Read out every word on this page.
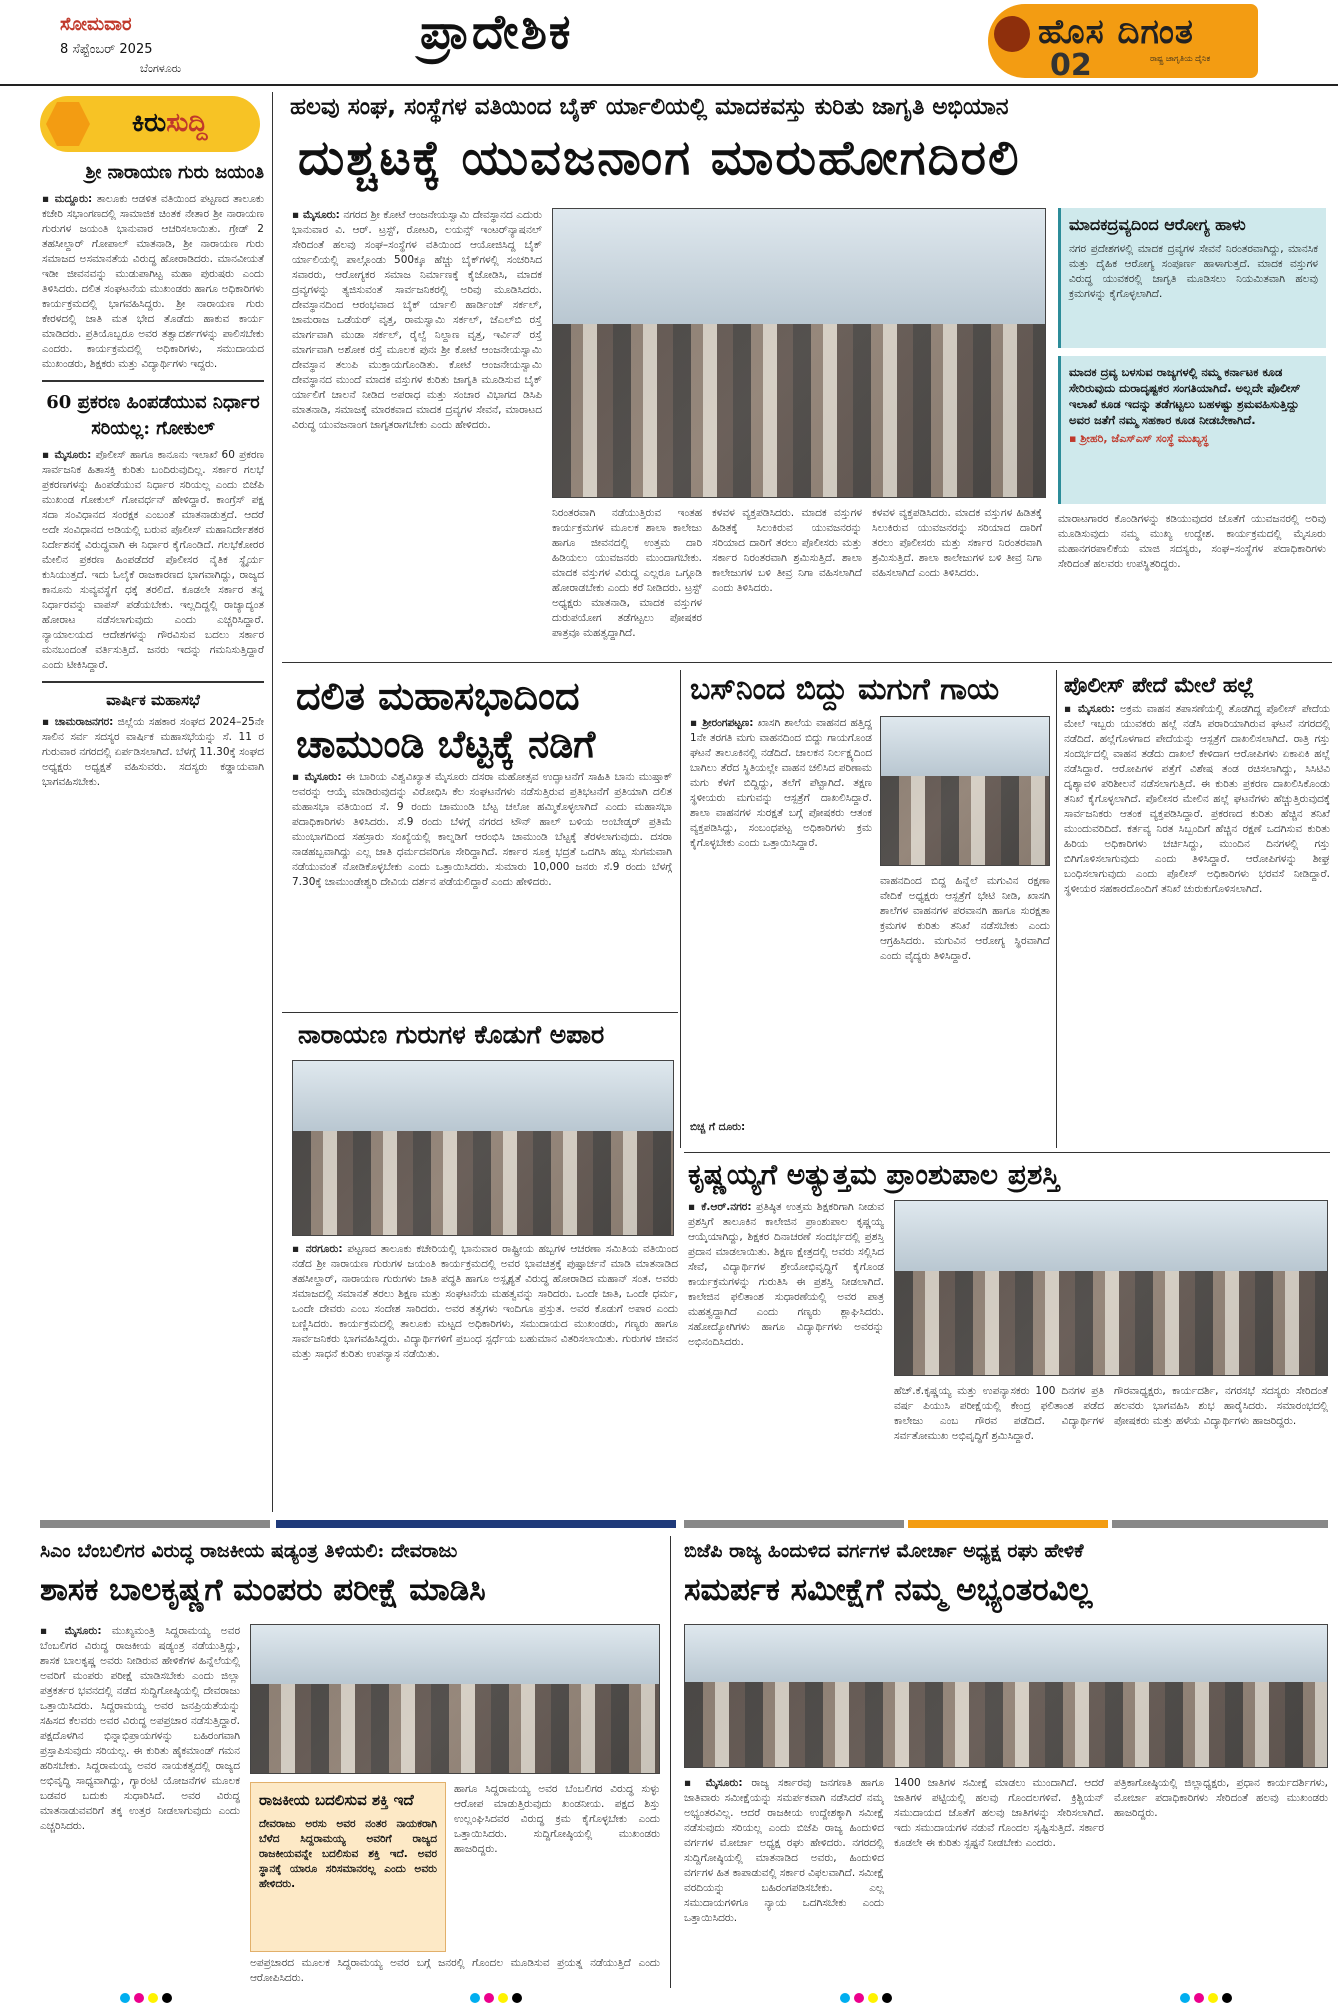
ಸೋಮವಾರ
8 ಸೆಪ್ಟೆಂಬರ್ 2025
ಬೆಂಗಳೂರು
ಪ್ರಾದೇಶಿಕ	ಹೊಸ ದಿಗಂತ
02	ರಾಷ್ಟ್ರ ಜಾಗೃತಿಯ ದೈನಿಕ
ಕಿರುಸುದ್ದಿ
ಶ್ರೀ ನಾರಾಯಣ ಗುರು ಜಯಂತಿ
▪ ಮದ್ದೂರು: ತಾಲೂಕು ಆಡಳಿತ ವತಿಯಿಂದ ಪಟ್ಟಣದ ತಾಲೂಕು ಕಚೇರಿ ಸಭಾಂಗಣದಲ್ಲಿ ಸಾಮಾಜಿಕ ಚಿಂತಕ ನೇತಾರ ಶ್ರೀ ನಾರಾಯಣ ಗುರುಗಳ ಜಯಂತಿ ಭಾನುವಾರ ಆಚರಿಸಲಾಯಿತು. ಗ್ರೇಡ್ 2 ತಹಸೀಲ್ದಾರ್ ಗೋಪಾಲ್ ಮಾತನಾಡಿ, ಶ್ರೀ ನಾರಾಯಣ ಗುರು ಸಮಾಜದ ಅಸಮಾನತೆಯ ವಿರುದ್ಧ ಹೋರಾಡಿದರು. ಮಾನವೀಯತೆ ಇಡೀ ಜೀವನವನ್ನು ಮುಡುಪಾಗಿಟ್ಟ ಮಹಾ ಪುರುಷರು ಎಂದು ತಿಳಿಸಿದರು. ದಲಿತ ಸಂಘಟನೆಯ ಮುಖಂಡರು ಹಾಗೂ ಅಧಿಕಾರಿಗಳು ಕಾರ್ಯಕ್ರಮದಲ್ಲಿ ಭಾಗವಹಿಸಿದ್ದರು. ಶ್ರೀ ನಾರಾಯಣ ಗುರು ಕೇರಳದಲ್ಲಿ ಜಾತಿ ಮತ ಭೇದ ತೊಡೆದು ಹಾಕುವ ಕಾರ್ಯ ಮಾಡಿದರು. ಪ್ರತಿಯೊಬ್ಬರೂ ಅವರ ತತ್ವಾದರ್ಶಗಳನ್ನು ಪಾಲಿಸಬೇಕು ಎಂದರು. ಕಾರ್ಯಕ್ರಮದಲ್ಲಿ ಅಧಿಕಾರಿಗಳು, ಸಮುದಾಯದ ಮುಖಂಡರು, ಶಿಕ್ಷಕರು ಮತ್ತು ವಿದ್ಯಾರ್ಥಿಗಳು ಇದ್ದರು.
60 ಪ್ರಕರಣ ಹಿಂಪಡೆಯುವ ನಿರ್ಧಾರ ಸರಿಯಲ್ಲ: ಗೋಕುಲ್
▪ ಮೈಸೂರು: ಪೊಲೀಸ್ ಹಾಗೂ ಕಾನೂನು ಇಲಾಖೆ 60 ಪ್ರಕರಣ ಸಾರ್ವಜನಿಕ ಹಿತಾಸಕ್ತಿ ಕುರಿತು ಬಂದಿರುವುದಿಲ್ಲ. ಸರ್ಕಾರ ಗಲಭೆ ಪ್ರಕರಣಗಳನ್ನು ಹಿಂಪಡೆಯುವ ನಿರ್ಧಾರ ಸರಿಯಲ್ಲ ಎಂದು ಬಿಜೆಪಿ ಮುಖಂಡ ಗೋಕುಲ್ ಗೋವರ್ಧನ್ ಹೇಳಿದ್ದಾರೆ. ಕಾಂಗ್ರೆಸ್ ಪಕ್ಷ ಸದಾ ಸಂವಿಧಾನದ ಸಂರಕ್ಷಕ ಎಂಬಂತೆ ಮಾತನಾಡುತ್ತದೆ. ಆದರೆ ಅದೇ ಸಂವಿಧಾನದ ಅಡಿಯಲ್ಲಿ ಬರುವ ಪೊಲೀಸ್ ಮಹಾನಿರ್ದೇಶಕರ ನಿರ್ದೇಶನಕ್ಕೆ ವಿರುದ್ಧವಾಗಿ ಈ ನಿರ್ಧಾರ ಕೈಗೊಂಡಿದೆ. ಗಲಭೆಕೋರರ ಮೇಲಿನ ಪ್ರಕರಣ ಹಿಂಪಡೆದರೆ ಪೊಲೀಸರ ನೈತಿಕ ಸ್ಥೈರ್ಯ ಕುಸಿಯುತ್ತದೆ. ಇದು ಓಲೈಕೆ ರಾಜಕಾರಣದ ಭಾಗವಾಗಿದ್ದು, ರಾಜ್ಯದ ಕಾನೂನು ಸುವ್ಯವಸ್ಥೆಗೆ ಧಕ್ಕೆ ತರಲಿದೆ. ಕೂಡಲೇ ಸರ್ಕಾರ ತನ್ನ ನಿರ್ಧಾರವನ್ನು ವಾಪಸ್ ಪಡೆಯಬೇಕು. ಇಲ್ಲದಿದ್ದಲ್ಲಿ ರಾಜ್ಯಾದ್ಯಂತ ಹೋರಾಟ ನಡೆಸಲಾಗುವುದು ಎಂದು ಎಚ್ಚರಿಸಿದ್ದಾರೆ. ನ್ಯಾಯಾಲಯದ ಆದೇಶಗಳನ್ನು ಗೌರವಿಸುವ ಬದಲು ಸರ್ಕಾರ ಮನಬಂದಂತೆ ವರ್ತಿಸುತ್ತಿದೆ. ಜನರು ಇದನ್ನು ಗಮನಿಸುತ್ತಿದ್ದಾರೆ ಎಂದು ಟೀಕಿಸಿದ್ದಾರೆ.
ವಾರ್ಷಿಕ ಮಹಾಸಭೆ
▪ ಚಾಮರಾಜನಗರ: ಜಿಲ್ಲೆಯ ಸಹಕಾರ ಸಂಘದ 2024–25ನೇ ಸಾಲಿನ ಸರ್ವ ಸದಸ್ಯರ ವಾರ್ಷಿಕ ಮಹಾಸಭೆಯನ್ನು ಸೆ. 11 ರ ಗುರುವಾರ ನಗರದಲ್ಲಿ ಏರ್ಪಡಿಸಲಾಗಿದೆ. ಬೆಳಗ್ಗೆ 11.30ಕ್ಕೆ ಸಂಘದ ಅಧ್ಯಕ್ಷರು ಅಧ್ಯಕ್ಷತೆ ವಹಿಸುವರು. ಸದಸ್ಯರು ಕಡ್ಡಾಯವಾಗಿ ಭಾಗವಹಿಸಬೇಕು.
ಹಲವು ಸಂಘ, ಸಂಸ್ಥೆಗಳ ವತಿಯಿಂದ ಬೈಕ್ ರ್ಯಾಲಿಯಲ್ಲಿ ಮಾದಕವಸ್ತು ಕುರಿತು ಜಾಗೃತಿ ಅಭಿಯಾನ
ದುಶ್ಚಟಕ್ಕೆ ಯುವಜನಾಂಗ ಮಾರುಹೋಗದಿರಲಿ
▪ ಮೈಸೂರು: ನಗರದ ಶ್ರೀ ಕೋಟೆ ಆಂಜನೇಯಸ್ವಾಮಿ ದೇವಸ್ಥಾನದ ಎದುರು ಭಾನುವಾರ ವಿ. ಆರ್. ಟ್ರಸ್ಟ್, ರೋಟರಿ, ಲಯನ್ಸ್ ಇಂಟರ್‌ನ್ಯಾಷನಲ್ ಸೇರಿದಂತೆ ಹಲವು ಸಂಘ–ಸಂಸ್ಥೆಗಳ ವತಿಯಿಂದ ಆಯೋಜಿಸಿದ್ದ ಬೈಕ್ ರ್ಯಾಲಿಯಲ್ಲಿ ಪಾಲ್ಗೊಂಡು 500ಕ್ಕೂ ಹೆಚ್ಚು ಬೈಕ್‌ಗಳಲ್ಲಿ ಸಂಚರಿಸಿದ ಸವಾರರು, ಆರೋಗ್ಯಕರ ಸಮಾಜ ನಿರ್ಮಾಣಕ್ಕೆ ಕೈಜೋಡಿಸಿ, ಮಾದಕ ದ್ರವ್ಯಗಳನ್ನು ತ್ಯಜಿಸುವಂತೆ ಸಾರ್ವಜನಿಕರಲ್ಲಿ ಅರಿವು ಮೂಡಿಸಿದರು. ದೇವಸ್ಥಾನದಿಂದ ಆರಂಭವಾದ ಬೈಕ್ ರ್ಯಾಲಿ ಹಾರ್ಡಿಂಜ್ ಸರ್ಕಲ್, ಚಾಮರಾಜ ಒಡೆಯರ್ ವೃತ್ತ, ರಾಮಸ್ವಾಮಿ ಸರ್ಕಲ್, ಜೆಎಲ್‌ಬಿ ರಸ್ತೆ ಮಾರ್ಗವಾಗಿ ಮುಡಾ ಸರ್ಕಲ್, ರೈಲ್ವೆ ನಿಲ್ದಾಣ ವೃತ್ತ, ಇರ್ವಿನ್ ರಸ್ತೆ ಮಾರ್ಗವಾಗಿ ಅಶೋಕ ರಸ್ತೆ ಮೂಲಕ ಪುನಃ ಶ್ರೀ ಕೋಟೆ ಆಂಜನೇಯಸ್ವಾಮಿ ದೇವಸ್ಥಾನ ತಲುಪಿ ಮುಕ್ತಾಯಗೊಂಡಿತು. ಕೋಟೆ ಆಂಜನೇಯಸ್ವಾಮಿ ದೇವಸ್ಥಾನದ ಮುಂದೆ ಮಾದಕ ವಸ್ತುಗಳ ಕುರಿತು ಜಾಗೃತಿ ಮೂಡಿಸುವ ಬೈಕ್ ರ್ಯಾಲಿಗೆ ಚಾಲನೆ ನೀಡಿದ ಅಪರಾಧ ಮತ್ತು ಸಂಚಾರ ವಿಭಾಗದ ಡಿಸಿಪಿ ಮಾತನಾಡಿ, ಸಮಾಜಕ್ಕೆ ಮಾರಕವಾದ ಮಾದಕ ದ್ರವ್ಯಗಳ ಸೇವನೆ, ಮಾರಾಟದ ವಿರುದ್ಧ ಯುವಜನಾಂಗ ಜಾಗೃತರಾಗಬೇಕು ಎಂದು ಹೇಳಿದರು.
ನಿರಂತರವಾಗಿ ನಡೆಯುತ್ತಿರುವ ಇಂತಹ ಕಾರ್ಯಕ್ರಮಗಳ ಮೂಲಕ ಶಾಲಾ ಕಾಲೇಜು ಹಾಗೂ ಜೀವನದಲ್ಲಿ ಉತ್ತಮ ದಾರಿ ಹಿಡಿಯಲು ಯುವಜನರು ಮುಂದಾಗಬೇಕು. ಮಾದಕ ವಸ್ತುಗಳ ವಿರುದ್ಧ ಎಲ್ಲರೂ ಒಗ್ಗೂಡಿ ಹೋರಾಡಬೇಕು ಎಂದು ಕರೆ ನೀಡಿದರು. ಟ್ರಸ್ಟ್ ಅಧ್ಯಕ್ಷರು ಮಾತನಾಡಿ, ಮಾದಕ ವಸ್ತುಗಳ ದುರುಪಯೋಗ ತಡೆಗಟ್ಟಲು ಪೋಷಕರ ಪಾತ್ರವೂ ಮಹತ್ವದ್ದಾಗಿದೆ.
ಕಳವಳ ವ್ಯಕ್ತಪಡಿಸಿದರು. ಮಾದಕ ವಸ್ತುಗಳ ಹಿಡಿತಕ್ಕೆ ಸಿಲುಕಿರುವ ಯುವಜನರನ್ನು ಸರಿಯಾದ ದಾರಿಗೆ ತರಲು ಪೊಲೀಸರು ಮತ್ತು ಸರ್ಕಾರ ನಿರಂತರವಾಗಿ ಶ್ರಮಿಸುತ್ತಿದೆ. ಶಾಲಾ ಕಾಲೇಜುಗಳ ಬಳಿ ತೀವ್ರ ನಿಗಾ ವಹಿಸಲಾಗಿದೆ ಎಂದು ತಿಳಿಸಿದರು.
ಕಳವಳ ವ್ಯಕ್ತಪಡಿಸಿದರು. ಮಾದಕ ವಸ್ತುಗಳ ಹಿಡಿತಕ್ಕೆ ಸಿಲುಕಿರುವ ಯುವಜನರನ್ನು ಸರಿಯಾದ ದಾರಿಗೆ ತರಲು ಪೊಲೀಸರು ಮತ್ತು ಸರ್ಕಾರ ನಿರಂತರವಾಗಿ ಶ್ರಮಿಸುತ್ತಿದೆ. ಶಾಲಾ ಕಾಲೇಜುಗಳ ಬಳಿ ತೀವ್ರ ನಿಗಾ ವಹಿಸಲಾಗಿದೆ ಎಂದು ತಿಳಿಸಿದರು.
ಮಾರಾಟಗಾರರ ಕೊಂಡಿಗಳನ್ನು ಕಡಿಯುವುದರ ಜೊತೆಗೆ ಯುವಜನರಲ್ಲಿ ಅರಿವು ಮೂಡಿಸುವುದು ನಮ್ಮ ಮುಖ್ಯ ಉದ್ದೇಶ. ಕಾರ್ಯಕ್ರಮದಲ್ಲಿ ಮೈಸೂರು ಮಹಾನಗರಪಾಲಿಕೆಯ ಮಾಜಿ ಸದಸ್ಯರು, ಸಂಘ–ಸಂಸ್ಥೆಗಳ ಪದಾಧಿಕಾರಿಗಳು ಸೇರಿದಂತೆ ಹಲವರು ಉಪಸ್ಥಿತರಿದ್ದರು.
ಮಾದಕದ್ರವ್ಯದಿಂದ ಆರೋಗ್ಯ ಹಾಳು
ನಗರ ಪ್ರದೇಶಗಳಲ್ಲಿ ಮಾದಕ ದ್ರವ್ಯಗಳ ಸೇವನೆ ನಿರಂತರವಾಗಿದ್ದು, ಮಾನಸಿಕ ಮತ್ತು ದೈಹಿಕ ಆರೋಗ್ಯ ಸಂಪೂರ್ಣ ಹಾಳಾಗುತ್ತದೆ. ಮಾದಕ ವಸ್ತುಗಳ ವಿರುದ್ಧ ಯುವಕರಲ್ಲಿ ಜಾಗೃತಿ ಮೂಡಿಸಲು ನಿಯಮಿತವಾಗಿ ಹಲವು ಕ್ರಮಗಳನ್ನು ಕೈಗೊಳ್ಳಲಾಗಿದೆ.
ಮಾದಕ ದ್ರವ್ಯ ಬಳಸುವ ರಾಜ್ಯಗಳಲ್ಲಿ ನಮ್ಮ ಕರ್ನಾಟಕ ಕೂಡ ಸೇರಿರುವುದು ದುರಾದೃಷ್ಟಕರ ಸಂಗತಿಯಾಗಿದೆ. ಅಲ್ಲದೇ ಪೊಲೀಸ್ ಇಲಾಖೆ ಕೂಡ ಇದನ್ನು ತಡೆಗಟ್ಟಲು ಬಹಳಷ್ಟು ಶ್ರಮವಹಿಸುತ್ತಿದ್ದು ಅವರ ಜತೆಗೆ ನಮ್ಮ ಸಹಕಾರ ಕೂಡ ನೀಡಬೇಕಾಗಿದೆ.
▪ ಶ್ರೀಹರಿ, ಜೆಎಸ್ಎಸ್ ಸಂಸ್ಥೆ ಮುಖ್ಯಸ್ಥ
ದಲಿತ ಮಹಾಸಭಾದಿಂದ ಚಾಮುಂಡಿ ಬೆಟ್ಟಕ್ಕೆ ನಡಿಗೆ
▪ ಮೈಸೂರು: ಈ ಬಾರಿಯ ವಿಶ್ವವಿಖ್ಯಾತ ಮೈಸೂರು ದಸರಾ ಮಹೋತ್ಸವ ಉದ್ಘಾಟನೆಗೆ ಸಾಹಿತಿ ಬಾನು ಮುಷ್ತಾಕ್ ಅವರನ್ನು ಆಯ್ಕೆ ಮಾಡಿರುವುದನ್ನು ವಿರೋಧಿಸಿ ಕೆಲ ಸಂಘಟನೆಗಳು ನಡೆಸುತ್ತಿರುವ ಪ್ರತಿಭಟನೆಗೆ ಪ್ರತಿಯಾಗಿ ದಲಿತ ಮಹಾಸಭಾ ವತಿಯಿಂದ ಸೆ. 9 ರಂದು ಚಾಮುಂಡಿ ಬೆಟ್ಟ ಚಲೋ ಹಮ್ಮಿಕೊಳ್ಳಲಾಗಿದೆ ಎಂದು ಮಹಾಸಭಾ ಪದಾಧಿಕಾರಿಗಳು ತಿಳಿಸಿದರು. ಸೆ.9 ರಂದು ಬೆಳಗ್ಗೆ ನಗರದ ಟೌನ್ ಹಾಲ್ ಬಳಿಯ ಅಂಬೇಡ್ಕರ್ ಪ್ರತಿಮೆ ಮುಂಭಾಗದಿಂದ ಸಹಸ್ರಾರು ಸಂಖ್ಯೆಯಲ್ಲಿ ಕಾಲ್ನಡಿಗೆ ಆರಂಭಿಸಿ ಚಾಮುಂಡಿ ಬೆಟ್ಟಕ್ಕೆ ತೆರಳಲಾಗುವುದು. ದಸರಾ ನಾಡಹಬ್ಬವಾಗಿದ್ದು ಎಲ್ಲ ಜಾತಿ ಧರ್ಮದವರಿಗೂ ಸೇರಿದ್ದಾಗಿದೆ. ಸರ್ಕಾರ ಸೂಕ್ತ ಭದ್ರತೆ ಒದಗಿಸಿ ಹಬ್ಬ ಸುಗಮವಾಗಿ ನಡೆಯುವಂತೆ ನೋಡಿಕೊಳ್ಳಬೇಕು ಎಂದು ಒತ್ತಾಯಿಸಿದರು. ಸುಮಾರು 10,000 ಜನರು ಸೆ.9 ರಂದು ಬೆಳಗ್ಗೆ 7.30ಕ್ಕೆ ಚಾಮುಂಡೇಶ್ವರಿ ದೇವಿಯ ದರ್ಶನ ಪಡೆಯಲಿದ್ದಾರೆ ಎಂದು ಹೇಳಿದರು.
ಬಸ್‌ನಿಂದ ಬಿದ್ದು ಮಗುಗೆ ಗಾಯ
▪ ಶ್ರೀರಂಗಪಟ್ಟಣ: ಖಾಸಗಿ ಶಾಲೆಯ ವಾಹನದ ಹತ್ತಿದ್ದ 1ನೇ ತರಗತಿ ಮಗು ವಾಹನದಿಂದ ಬಿದ್ದು ಗಾಯಗೊಂಡ ಘಟನೆ ತಾಲೂಕಿನಲ್ಲಿ ನಡೆದಿದೆ. ಚಾಲಕನ ನಿರ್ಲಕ್ಷ್ಯದಿಂದ ಬಾಗಿಲು ತೆರೆದ ಸ್ಥಿತಿಯಲ್ಲೇ ವಾಹನ ಚಲಿಸಿದ ಪರಿಣಾಮ ಮಗು ಕೆಳಗೆ ಬಿದ್ದಿದ್ದು, ತಲೆಗೆ ಪೆಟ್ಟಾಗಿದೆ. ತಕ್ಷಣ ಸ್ಥಳೀಯರು ಮಗುವನ್ನು ಆಸ್ಪತ್ರೆಗೆ ದಾಖಲಿಸಿದ್ದಾರೆ. ಶಾಲಾ ವಾಹನಗಳ ಸುರಕ್ಷತೆ ಬಗ್ಗೆ ಪೋಷಕರು ಆತಂಕ ವ್ಯಕ್ತಪಡಿಸಿದ್ದು, ಸಂಬಂಧಪಟ್ಟ ಅಧಿಕಾರಿಗಳು ಕ್ರಮ ಕೈಗೊಳ್ಳಬೇಕು ಎಂದು ಒತ್ತಾಯಿಸಿದ್ದಾರೆ.
ವಾಹನದಿಂದ ಬಿದ್ದ ಹಿನ್ನೆಲೆ ಮಗುವಿನ ರಕ್ಷಣಾ ವೇದಿಕೆ ಅಧ್ಯಕ್ಷರು ಆಸ್ಪತ್ರೆಗೆ ಭೇಟಿ ನೀಡಿ, ಖಾಸಗಿ ಶಾಲೆಗಳ ವಾಹನಗಳ ಪರವಾನಗಿ ಹಾಗೂ ಸುರಕ್ಷತಾ ಕ್ರಮಗಳ ಕುರಿತು ತನಿಖೆ ನಡೆಸಬೇಕು ಎಂದು ಆಗ್ರಹಿಸಿದರು. ಮಗುವಿನ ಆರೋಗ್ಯ ಸ್ಥಿರವಾಗಿದೆ ಎಂದು ವೈದ್ಯರು ತಿಳಿಸಿದ್ದಾರೆ.
ಬಿಚ್ಚ ಗೆ ದೂರು:
ಪೊಲೀಸ್ ಪೇದೆ ಮೇಲೆ ಹಲ್ಲೆ
▪ ಮೈಸೂರು: ಅಕ್ರಮ ವಾಹನ ತಪಾಸಣೆಯಲ್ಲಿ ತೊಡಗಿದ್ದ ಪೊಲೀಸ್ ಪೇದೆಯ ಮೇಲೆ ಇಬ್ಬರು ಯುವಕರು ಹಲ್ಲೆ ನಡೆಸಿ ಪರಾರಿಯಾಗಿರುವ ಘಟನೆ ನಗರದಲ್ಲಿ ನಡೆದಿದೆ. ಹಲ್ಲೆಗೊಳಗಾದ ಪೇದೆಯನ್ನು ಆಸ್ಪತ್ರೆಗೆ ದಾಖಲಿಸಲಾಗಿದೆ. ರಾತ್ರಿ ಗಸ್ತು ಸಂದರ್ಭದಲ್ಲಿ ವಾಹನ ತಡೆದು ದಾಖಲೆ ಕೇಳಿದಾಗ ಆರೋಪಿಗಳು ಏಕಾಏಕಿ ಹಲ್ಲೆ ನಡೆಸಿದ್ದಾರೆ. ಆರೋಪಿಗಳ ಪತ್ತೆಗೆ ವಿಶೇಷ ತಂಡ ರಚಿಸಲಾಗಿದ್ದು, ಸಿಸಿಟಿವಿ ದೃಶ್ಯಾವಳಿ ಪರಿಶೀಲನೆ ನಡೆಸಲಾಗುತ್ತಿದೆ. ಈ ಕುರಿತು ಪ್ರಕರಣ ದಾಖಲಿಸಿಕೊಂಡು ತನಿಖೆ ಕೈಗೊಳ್ಳಲಾಗಿದೆ. ಪೊಲೀಸರ ಮೇಲಿನ ಹಲ್ಲೆ ಘಟನೆಗಳು ಹೆಚ್ಚುತ್ತಿರುವುದಕ್ಕೆ ಸಾರ್ವಜನಿಕರು ಆತಂಕ ವ್ಯಕ್ತಪಡಿಸಿದ್ದಾರೆ. ಪ್ರಕರಣದ ಕುರಿತು ಹೆಚ್ಚಿನ ತನಿಖೆ ಮುಂದುವರಿದಿದೆ. ಕರ್ತವ್ಯ ನಿರತ ಸಿಬ್ಬಂದಿಗೆ ಹೆಚ್ಚಿನ ರಕ್ಷಣೆ ಒದಗಿಸುವ ಕುರಿತು ಹಿರಿಯ ಅಧಿಕಾರಿಗಳು ಚರ್ಚಿಸಿದ್ದು, ಮುಂದಿನ ದಿನಗಳಲ್ಲಿ ಗಸ್ತು ಬಿಗಿಗೊಳಿಸಲಾಗುವುದು ಎಂದು ತಿಳಿಸಿದ್ದಾರೆ. ಆರೋಪಿಗಳನ್ನು ಶೀಘ್ರ ಬಂಧಿಸಲಾಗುವುದು ಎಂದು ಪೊಲೀಸ್ ಅಧಿಕಾರಿಗಳು ಭರವಸೆ ನೀಡಿದ್ದಾರೆ. ಸ್ಥಳೀಯರ ಸಹಕಾರದೊಂದಿಗೆ ತನಿಖೆ ಚುರುಕುಗೊಳಿಸಲಾಗಿದೆ.
ನಾರಾಯಣ ಗುರುಗಳ ಕೊಡುಗೆ ಅಪಾರ
▪ ನರಗೂರು: ಪಟ್ಟಣದ ತಾಲೂಕು ಕಚೇರಿಯಲ್ಲಿ ಭಾನುವಾರ ರಾಷ್ಟ್ರೀಯ ಹಬ್ಬಗಳ ಆಚರಣಾ ಸಮಿತಿಯ ವತಿಯಿಂದ ನಡೆದ ಶ್ರೀ ನಾರಾಯಣ ಗುರುಗಳ ಜಯಂತಿ ಕಾರ್ಯಕ್ರಮದಲ್ಲಿ ಅವರ ಭಾವಚಿತ್ರಕ್ಕೆ ಪುಷ್ಪಾರ್ಚನೆ ಮಾಡಿ ಮಾತನಾಡಿದ ತಹಸೀಲ್ದಾರ್, ನಾರಾಯಣ ಗುರುಗಳು ಜಾತಿ ಪದ್ಧತಿ ಹಾಗೂ ಅಸ್ಪೃಶ್ಯತೆ ವಿರುದ್ಧ ಹೋರಾಡಿದ ಮಹಾನ್ ಸಂತ. ಅವರು ಸಮಾಜದಲ್ಲಿ ಸಮಾನತೆ ತರಲು ಶಿಕ್ಷಣ ಮತ್ತು ಸಂಘಟನೆಯ ಮಹತ್ವವನ್ನು ಸಾರಿದರು. ಒಂದೇ ಜಾತಿ, ಒಂದೇ ಧರ್ಮ, ಒಂದೇ ದೇವರು ಎಂಬ ಸಂದೇಶ ಸಾರಿದರು. ಅವರ ತತ್ವಗಳು ಇಂದಿಗೂ ಪ್ರಸ್ತುತ. ಅವರ ಕೊಡುಗೆ ಅಪಾರ ಎಂದು ಬಣ್ಣಿಸಿದರು. ಕಾರ್ಯಕ್ರಮದಲ್ಲಿ ತಾಲೂಕು ಮಟ್ಟದ ಅಧಿಕಾರಿಗಳು, ಸಮುದಾಯದ ಮುಖಂಡರು, ಗಣ್ಯರು ಹಾಗೂ ಸಾರ್ವಜನಿಕರು ಭಾಗವಹಿಸಿದ್ದರು. ವಿದ್ಯಾರ್ಥಿಗಳಿಗೆ ಪ್ರಬಂಧ ಸ್ಪರ್ಧೆಯ ಬಹುಮಾನ ವಿತರಿಸಲಾಯಿತು. ಗುರುಗಳ ಜೀವನ ಮತ್ತು ಸಾಧನೆ ಕುರಿತು ಉಪನ್ಯಾಸ ನಡೆಯಿತು.
ಕೃಷ್ಣಯ್ಯಗೆ ಅತ್ಯುತ್ತಮ ಪ್ರಾಂಶುಪಾಲ ಪ್ರಶಸ್ತಿ
▪ ಕೆ.ಆರ್.ನಗರ: ಪ್ರತಿಷ್ಠಿತ ಉತ್ತಮ ಶಿಕ್ಷಕರಿಗಾಗಿ ನೀಡುವ ಪ್ರಶಸ್ತಿಗೆ ತಾಲೂಕಿನ ಕಾಲೇಜಿನ ಪ್ರಾಂಶುಪಾಲ ಕೃಷ್ಣಯ್ಯ ಆಯ್ಕೆಯಾಗಿದ್ದು, ಶಿಕ್ಷಕರ ದಿನಾಚರಣೆ ಸಂದರ್ಭದಲ್ಲಿ ಪ್ರಶಸ್ತಿ ಪ್ರದಾನ ಮಾಡಲಾಯಿತು. ಶಿಕ್ಷಣ ಕ್ಷೇತ್ರದಲ್ಲಿ ಅವರು ಸಲ್ಲಿಸಿದ ಸೇವೆ, ವಿದ್ಯಾರ್ಥಿಗಳ ಶ್ರೇಯೋಭಿವೃದ್ಧಿಗೆ ಕೈಗೊಂಡ ಕಾರ್ಯಕ್ರಮಗಳನ್ನು ಗುರುತಿಸಿ ಈ ಪ್ರಶಸ್ತಿ ನೀಡಲಾಗಿದೆ. ಕಾಲೇಜಿನ ಫಲಿತಾಂಶ ಸುಧಾರಣೆಯಲ್ಲಿ ಅವರ ಪಾತ್ರ ಮಹತ್ವದ್ದಾಗಿದೆ ಎಂದು ಗಣ್ಯರು ಶ್ಲಾಘಿಸಿದರು. ಸಹೋದ್ಯೋಗಿಗಳು ಹಾಗೂ ವಿದ್ಯಾರ್ಥಿಗಳು ಅವರನ್ನು ಅಭಿನಂದಿಸಿದರು.
ಹೆಚ್.ಕೆ.ಕೃಷ್ಣಯ್ಯ ಮತ್ತು ಉಪನ್ಯಾಸಕರು 100 ದಿನಗಳ ಪ್ರತಿ ವರ್ಷ ಪಿಯುಸಿ ಪರೀಕ್ಷೆಯಲ್ಲಿ ಕೇಂದ್ರ ಫಲಿತಾಂಶ ಪಡೆದ ಕಾಲೇಜು ಎಂಬ ಗೌರವ ಪಡೆದಿದೆ. ವಿದ್ಯಾರ್ಥಿಗಳ ಸರ್ವತೋಮುಖ ಅಭಿವೃದ್ಧಿಗೆ ಶ್ರಮಿಸಿದ್ದಾರೆ.
ಗೌರವಾಧ್ಯಕ್ಷರು, ಕಾರ್ಯದರ್ಶಿ, ನಗರಸಭೆ ಸದಸ್ಯರು ಸೇರಿದಂತೆ ಹಲವರು ಭಾಗವಹಿಸಿ ಶುಭ ಹಾರೈಸಿದರು. ಸಮಾರಂಭದಲ್ಲಿ ಪೋಷಕರು ಮತ್ತು ಹಳೆಯ ವಿದ್ಯಾರ್ಥಿಗಳು ಹಾಜರಿದ್ದರು.
ಸಿಎಂ ಬೆಂಬಲಿಗರ ವಿರುದ್ಧ ರಾಜಕೀಯ ಷಡ್ಯಂತ್ರ ತಿಳಿಯಲಿ: ದೇವರಾಜು
ಶಾಸಕ ಬಾಲಕೃಷ್ಣಗೆ ಮಂಪರು ಪರೀಕ್ಷೆ ಮಾಡಿಸಿ
▪ ಮೈಸೂರು: ಮುಖ್ಯಮಂತ್ರಿ ಸಿದ್ದರಾಮಯ್ಯ ಅವರ ಬೆಂಬಲಿಗರ ವಿರುದ್ಧ ರಾಜಕೀಯ ಷಡ್ಯಂತ್ರ ನಡೆಯುತ್ತಿದ್ದು, ಶಾಸಕ ಬಾಲಕೃಷ್ಣ ಅವರು ನೀಡಿರುವ ಹೇಳಿಕೆಗಳ ಹಿನ್ನೆಲೆಯಲ್ಲಿ ಅವರಿಗೆ ಮಂಪರು ಪರೀಕ್ಷೆ ಮಾಡಿಸಬೇಕು ಎಂದು ಜಿಲ್ಲಾ ಪತ್ರಕರ್ತರ ಭವನದಲ್ಲಿ ನಡೆದ ಸುದ್ದಿಗೋಷ್ಠಿಯಲ್ಲಿ ದೇವರಾಜು ಒತ್ತಾಯಿಸಿದರು. ಸಿದ್ದರಾಮಯ್ಯ ಅವರ ಜನಪ್ರಿಯತೆಯನ್ನು ಸಹಿಸದ ಕೆಲವರು ಅವರ ವಿರುದ್ಧ ಅಪಪ್ರಚಾರ ನಡೆಸುತ್ತಿದ್ದಾರೆ. ಪಕ್ಷದೊಳಗಿನ ಭಿನ್ನಾಭಿಪ್ರಾಯಗಳನ್ನು ಬಹಿರಂಗವಾಗಿ ಪ್ರಸ್ತಾಪಿಸುವುದು ಸರಿಯಲ್ಲ. ಈ ಕುರಿತು ಹೈಕಮಾಂಡ್ ಗಮನ ಹರಿಸಬೇಕು. ಸಿದ್ದರಾಮಯ್ಯ ಅವರ ನಾಯಕತ್ವದಲ್ಲಿ ರಾಜ್ಯದ ಅಭಿವೃದ್ಧಿ ಸಾಧ್ಯವಾಗಿದ್ದು, ಗ್ಯಾರಂಟಿ ಯೋಜನೆಗಳ ಮೂಲಕ ಬಡವರ ಬದುಕು ಸುಧಾರಿಸಿದೆ. ಅವರ ವಿರುದ್ಧ ಮಾತನಾಡುವವರಿಗೆ ತಕ್ಕ ಉತ್ತರ ನೀಡಲಾಗುವುದು ಎಂದು ಎಚ್ಚರಿಸಿದರು.
ರಾಜಕೀಯ ಬದಲಿಸುವ ಶಕ್ತಿ ಇದೆ
ದೇವರಾಜು ಅರಸು ಅವರ ನಂತರ ನಾಯಕರಾಗಿ ಬೆಳೆದ ಸಿದ್ದರಾಮಯ್ಯ ಅವರಿಗೆ ರಾಜ್ಯದ ರಾಜಕೀಯವನ್ನೇ ಬದಲಿಸುವ ಶಕ್ತಿ ಇದೆ. ಅವರ ಸ್ಥಾನಕ್ಕೆ ಯಾರೂ ಸರಿಸಮಾನರಲ್ಲ ಎಂದು ಅವರು ಹೇಳಿದರು.
ಹಾಗೂ ಸಿದ್ದರಾಮಯ್ಯ ಅವರ ಬೆಂಬಲಿಗರ ವಿರುದ್ಧ ಸುಳ್ಳು ಆರೋಪ ಮಾಡುತ್ತಿರುವುದು ಖಂಡನೀಯ. ಪಕ್ಷದ ಶಿಸ್ತು ಉಲ್ಲಂಘಿಸಿದವರ ವಿರುದ್ಧ ಕ್ರಮ ಕೈಗೊಳ್ಳಬೇಕು ಎಂದು ಒತ್ತಾಯಿಸಿದರು. ಸುದ್ದಿಗೋಷ್ಠಿಯಲ್ಲಿ ಮುಖಂಡರು ಹಾಜರಿದ್ದರು.
ಅಪಪ್ರಚಾರದ ಮೂಲಕ ಸಿದ್ದರಾಮಯ್ಯ ಅವರ ಬಗ್ಗೆ ಜನರಲ್ಲಿ ಗೊಂದಲ ಮೂಡಿಸುವ ಪ್ರಯತ್ನ ನಡೆಯುತ್ತಿದೆ ಎಂದು ಆರೋಪಿಸಿದರು.
ಬಿಜೆಪಿ ರಾಜ್ಯ ಹಿಂದುಳಿದ ವರ್ಗಗಳ ಮೋರ್ಚಾ ಅಧ್ಯಕ್ಷ ರಘು ಹೇಳಿಕೆ
ಸಮರ್ಪಕ ಸಮೀಕ್ಷೆಗೆ ನಮ್ಮ ಅಭ್ಯಂತರವಿಲ್ಲ
▪ ಮೈಸೂರು: ರಾಜ್ಯ ಸರ್ಕಾರವು ಜನಗಣತಿ ಹಾಗೂ ಜಾತಿವಾರು ಸಮೀಕ್ಷೆಯನ್ನು ಸಮರ್ಪಕವಾಗಿ ನಡೆಸಿದರೆ ನಮ್ಮ ಅಭ್ಯಂತರವಿಲ್ಲ. ಆದರೆ ರಾಜಕೀಯ ಉದ್ದೇಶಕ್ಕಾಗಿ ಸಮೀಕ್ಷೆ ನಡೆಸುವುದು ಸರಿಯಲ್ಲ ಎಂದು ಬಿಜೆಪಿ ರಾಜ್ಯ ಹಿಂದುಳಿದ ವರ್ಗಗಳ ಮೋರ್ಚಾ ಅಧ್ಯಕ್ಷ ರಘು ಹೇಳಿದರು. ನಗರದಲ್ಲಿ ಸುದ್ದಿಗೋಷ್ಠಿಯಲ್ಲಿ ಮಾತನಾಡಿದ ಅವರು, ಹಿಂದುಳಿದ ವರ್ಗಗಳ ಹಿತ ಕಾಪಾಡುವಲ್ಲಿ ಸರ್ಕಾರ ವಿಫಲವಾಗಿದೆ. ಸಮೀಕ್ಷೆ ವರದಿಯನ್ನು ಬಹಿರಂಗಪಡಿಸಬೇಕು. ಎಲ್ಲ ಸಮುದಾಯಗಳಿಗೂ ನ್ಯಾಯ ಒದಗಿಸಬೇಕು ಎಂದು ಒತ್ತಾಯಿಸಿದರು.
1400 ಜಾತಿಗಳ ಸಮೀಕ್ಷೆ ಮಾಡಲು ಮುಂದಾಗಿದೆ. ಆದರೆ ಜಾತಿಗಳ ಪಟ್ಟಿಯಲ್ಲಿ ಹಲವು ಗೊಂದಲಗಳಿವೆ. ಕ್ರಿಶ್ಚಿಯನ್ ಸಮುದಾಯದ ಜೊತೆಗೆ ಹಲವು ಜಾತಿಗಳನ್ನು ಸೇರಿಸಲಾಗಿದೆ. ಇದು ಸಮುದಾಯಗಳ ನಡುವೆ ಗೊಂದಲ ಸೃಷ್ಟಿಸುತ್ತಿದೆ. ಸರ್ಕಾರ ಕೂಡಲೇ ಈ ಕುರಿತು ಸ್ಪಷ್ಟನೆ ನೀಡಬೇಕು ಎಂದರು.
ಪತ್ರಿಕಾಗೋಷ್ಠಿಯಲ್ಲಿ ಜಿಲ್ಲಾಧ್ಯಕ್ಷರು, ಪ್ರಧಾನ ಕಾರ್ಯದರ್ಶಿಗಳು, ಮೋರ್ಚಾ ಪದಾಧಿಕಾರಿಗಳು ಸೇರಿದಂತೆ ಹಲವು ಮುಖಂಡರು ಹಾಜರಿದ್ದರು.
